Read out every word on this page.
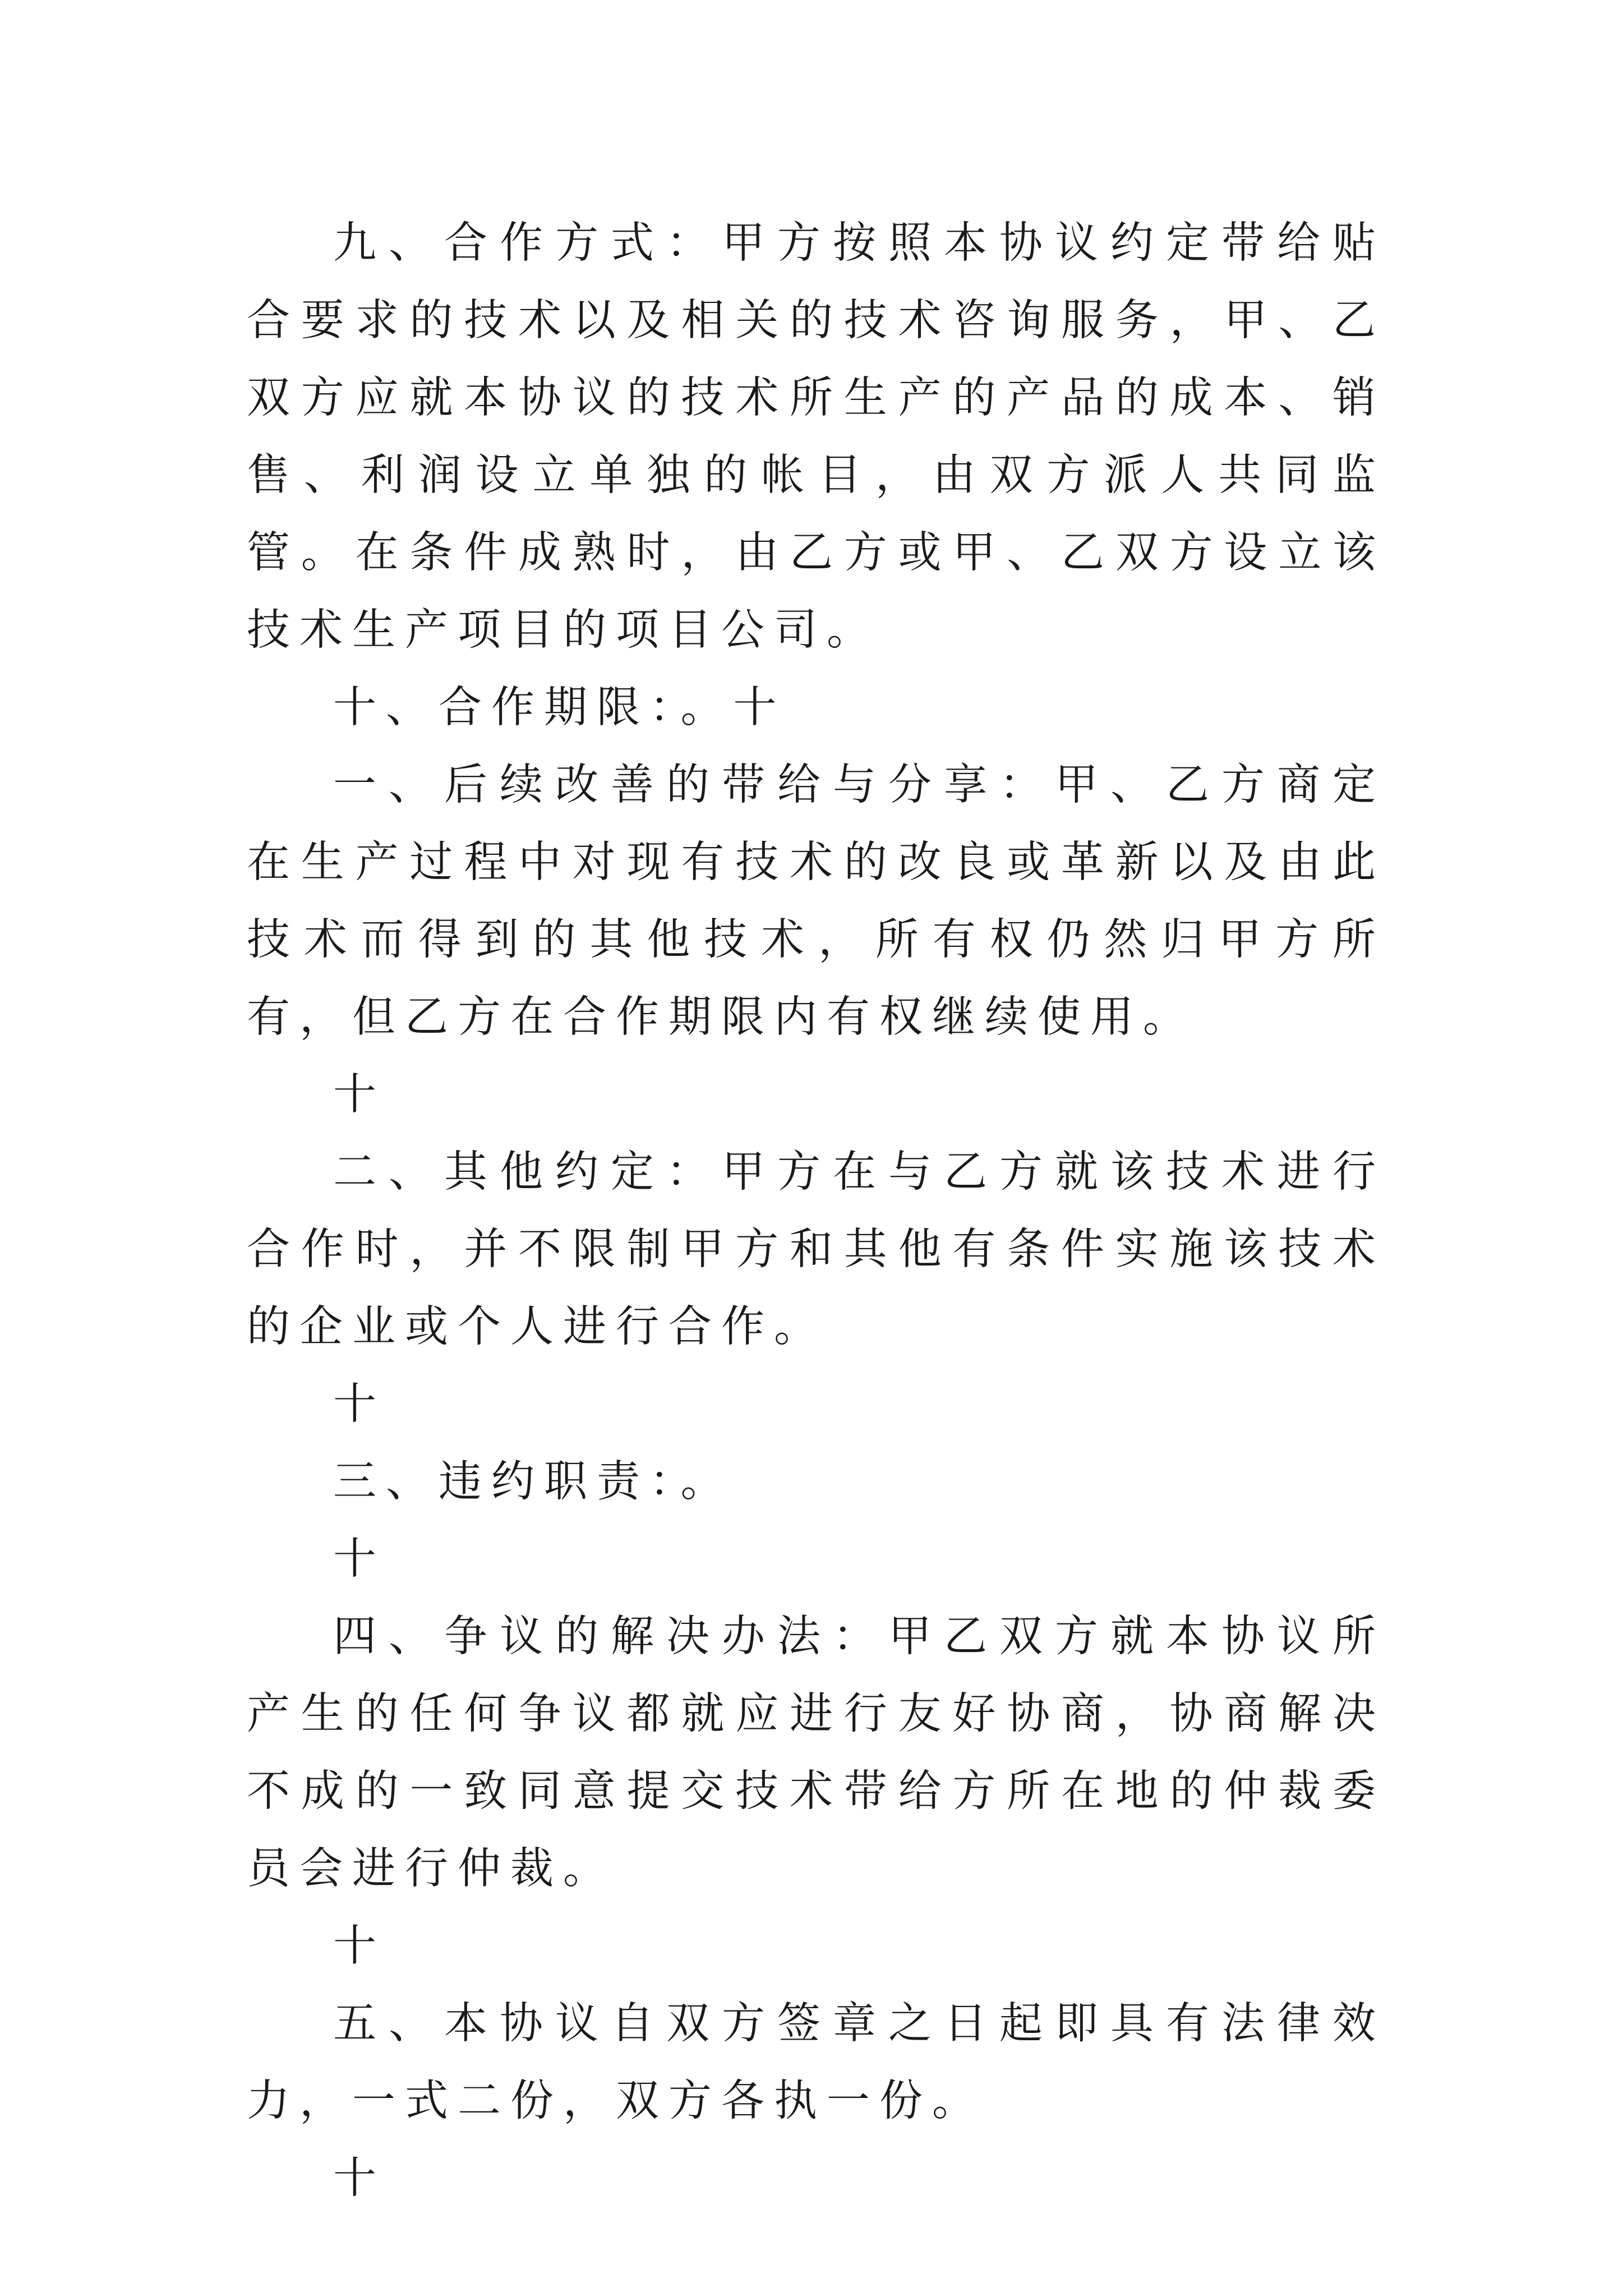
九、合作方式：甲方按照本协议约定带给贴合要求的技术以及相关的技术咨询服务，甲、乙双方应就本协议的技术所生产的产品的成本、销售、利润设立单独的帐目，由双方派人共同监管。在条件成熟时，由乙方或甲、乙双方设立该技术生产项目的项目公司。

十、合作期限：。十

一、后续改善的带给与分享：甲、乙方商定在生产过程中对现有技术的改良或革新以及由此技术而得到的其他技术，所有权仍然归甲方所有，但乙方在合作期限内有权继续使用。

十

二、其他约定：甲方在与乙方就该技术进行合作时，并不限制甲方和其他有条件实施该技术的企业或个人进行合作。

十

三、违约职责：。

十

四、争议的解决办法：甲乙双方就本协议所产生的任何争议都就应进行友好协商，协商解决不成的一致同意提交技术带给方所在地的仲裁委员会进行仲裁。

十

五、本协议自双方签章之日起即具有法律效力，一式二份，双方各执一份。

十
